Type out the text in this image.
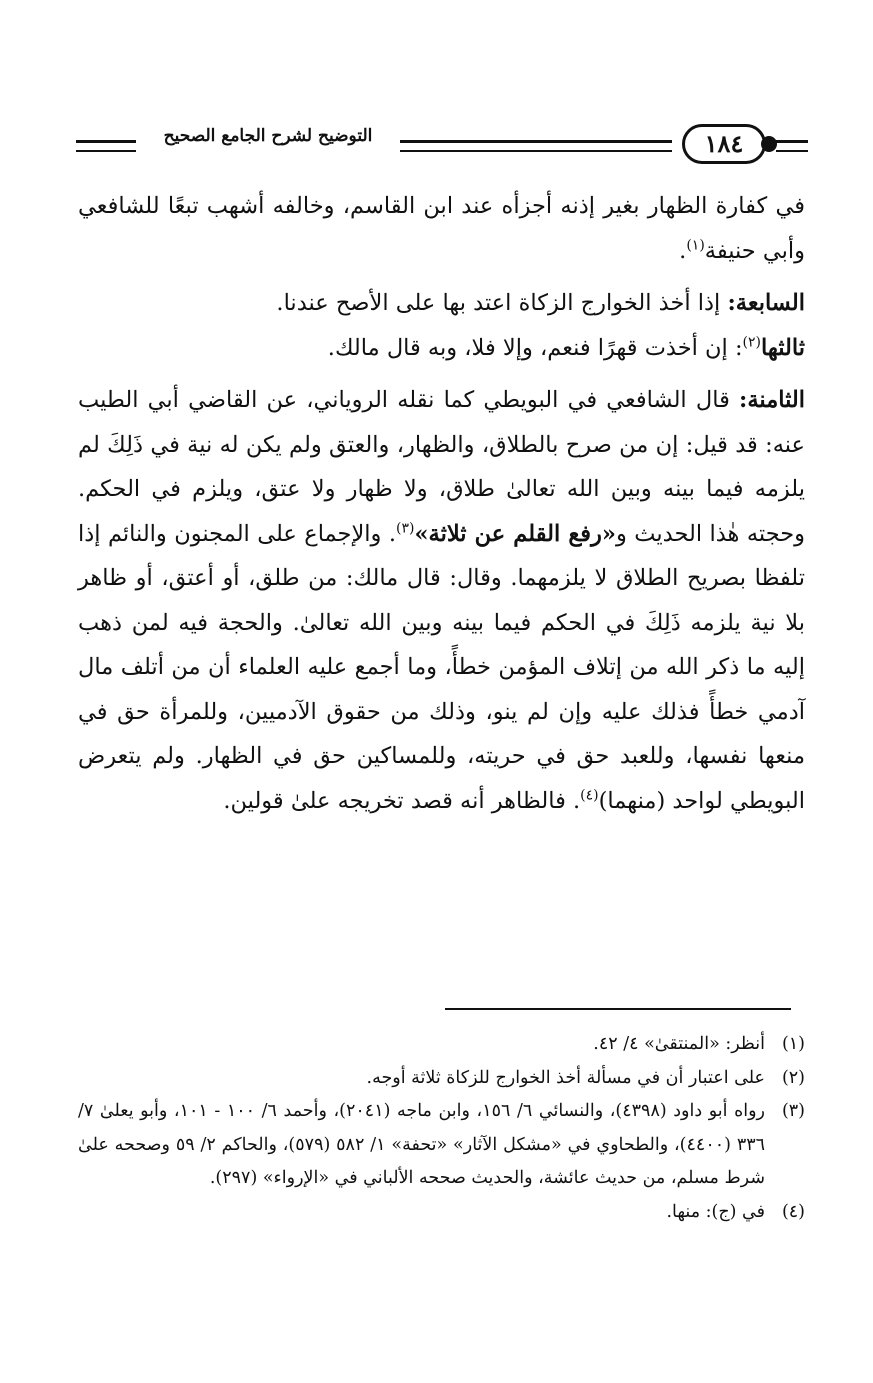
التوضيح لشرح الجامع الصحيح	١٨٤

في كفارة الظهار بغير إذنه أجزأه عند ابن القاسم، وخالفه أشهب تبعًا للشافعي وأبي حنيفة$^{(١)}$.

السابعة: إذا أخذ الخوارج الزكاة اعتد بها على الأصح عندنا.

ثالثها$^{(٢)}$: إن أخذت قهرًا فنعم، وإلا فلا، وبه قال مالك.

الثامنة: قال الشافعي في البويطي كما نقله الروياني، عن القاضي أبي الطيب عنه: قد قيل: إن من صرح بالطلاق، والظهار، والعتق ولم يكن له نية في ذَلِكَ لم يلزمه فيما بينه وبين الله تعالىٰ طلاق، ولا ظهار ولا عتق، ويلزم في الحكم. وحجته هٰذا الحديث و«رفع القلم عن ثلاثة»$^{(٣)}$. والإجماع على المجنون والنائم إذا تلفظا بصريح الطلاق لا يلزمهما. وقال: قال مالك: من طلق، أو أعتق، أو ظاهر بلا نية يلزمه ذَلِكَ في الحكم فيما بينه وبين الله تعالىٰ. والحجة فيه لمن ذهب إليه ما ذكر الله من إتلاف المؤمن خطأً، وما أجمع عليه العلماء أن من أتلف مال آدمي خطأً فذلك عليه وإن لم ينو، وذلك من حقوق الآدميين، وللمرأة حق في منعها نفسها، وللعبد حق في حريته، وللمساكين حق في الظهار. ولم يتعرض البويطي لواحد (منهما)$^{(٤)}$. فالظاهر أنه قصد تخريجه علىٰ قولين.

(١)
أنظر: «المنتقىٰ» ٤/ ٤٢.

(٢)
على اعتبار أن في مسألة أخذ الخوارج للزكاة ثلاثة أوجه.

(٣)
رواه أبو داود (٤٣٩٨)، والنسائي ٦/ ١٥٦، وابن ماجه (٢٠٤١)، وأحمد ٦/ ١٠٠ - ١٠١، وأبو يعلىٰ ٧/ ٣٣٦ (٤٤٠٠)، والطحاوي في «مشكل الآثار» «تحفة» ١/ ٥٨٢ (٥٧٩)، والحاكم ٢/ ٥٩ وصححه علىٰ شرط مسلم، من حديث عائشة، والحديث صححه الألباني في «الإرواء» (٢٩٧).

(٤)
في (ج): منها.
